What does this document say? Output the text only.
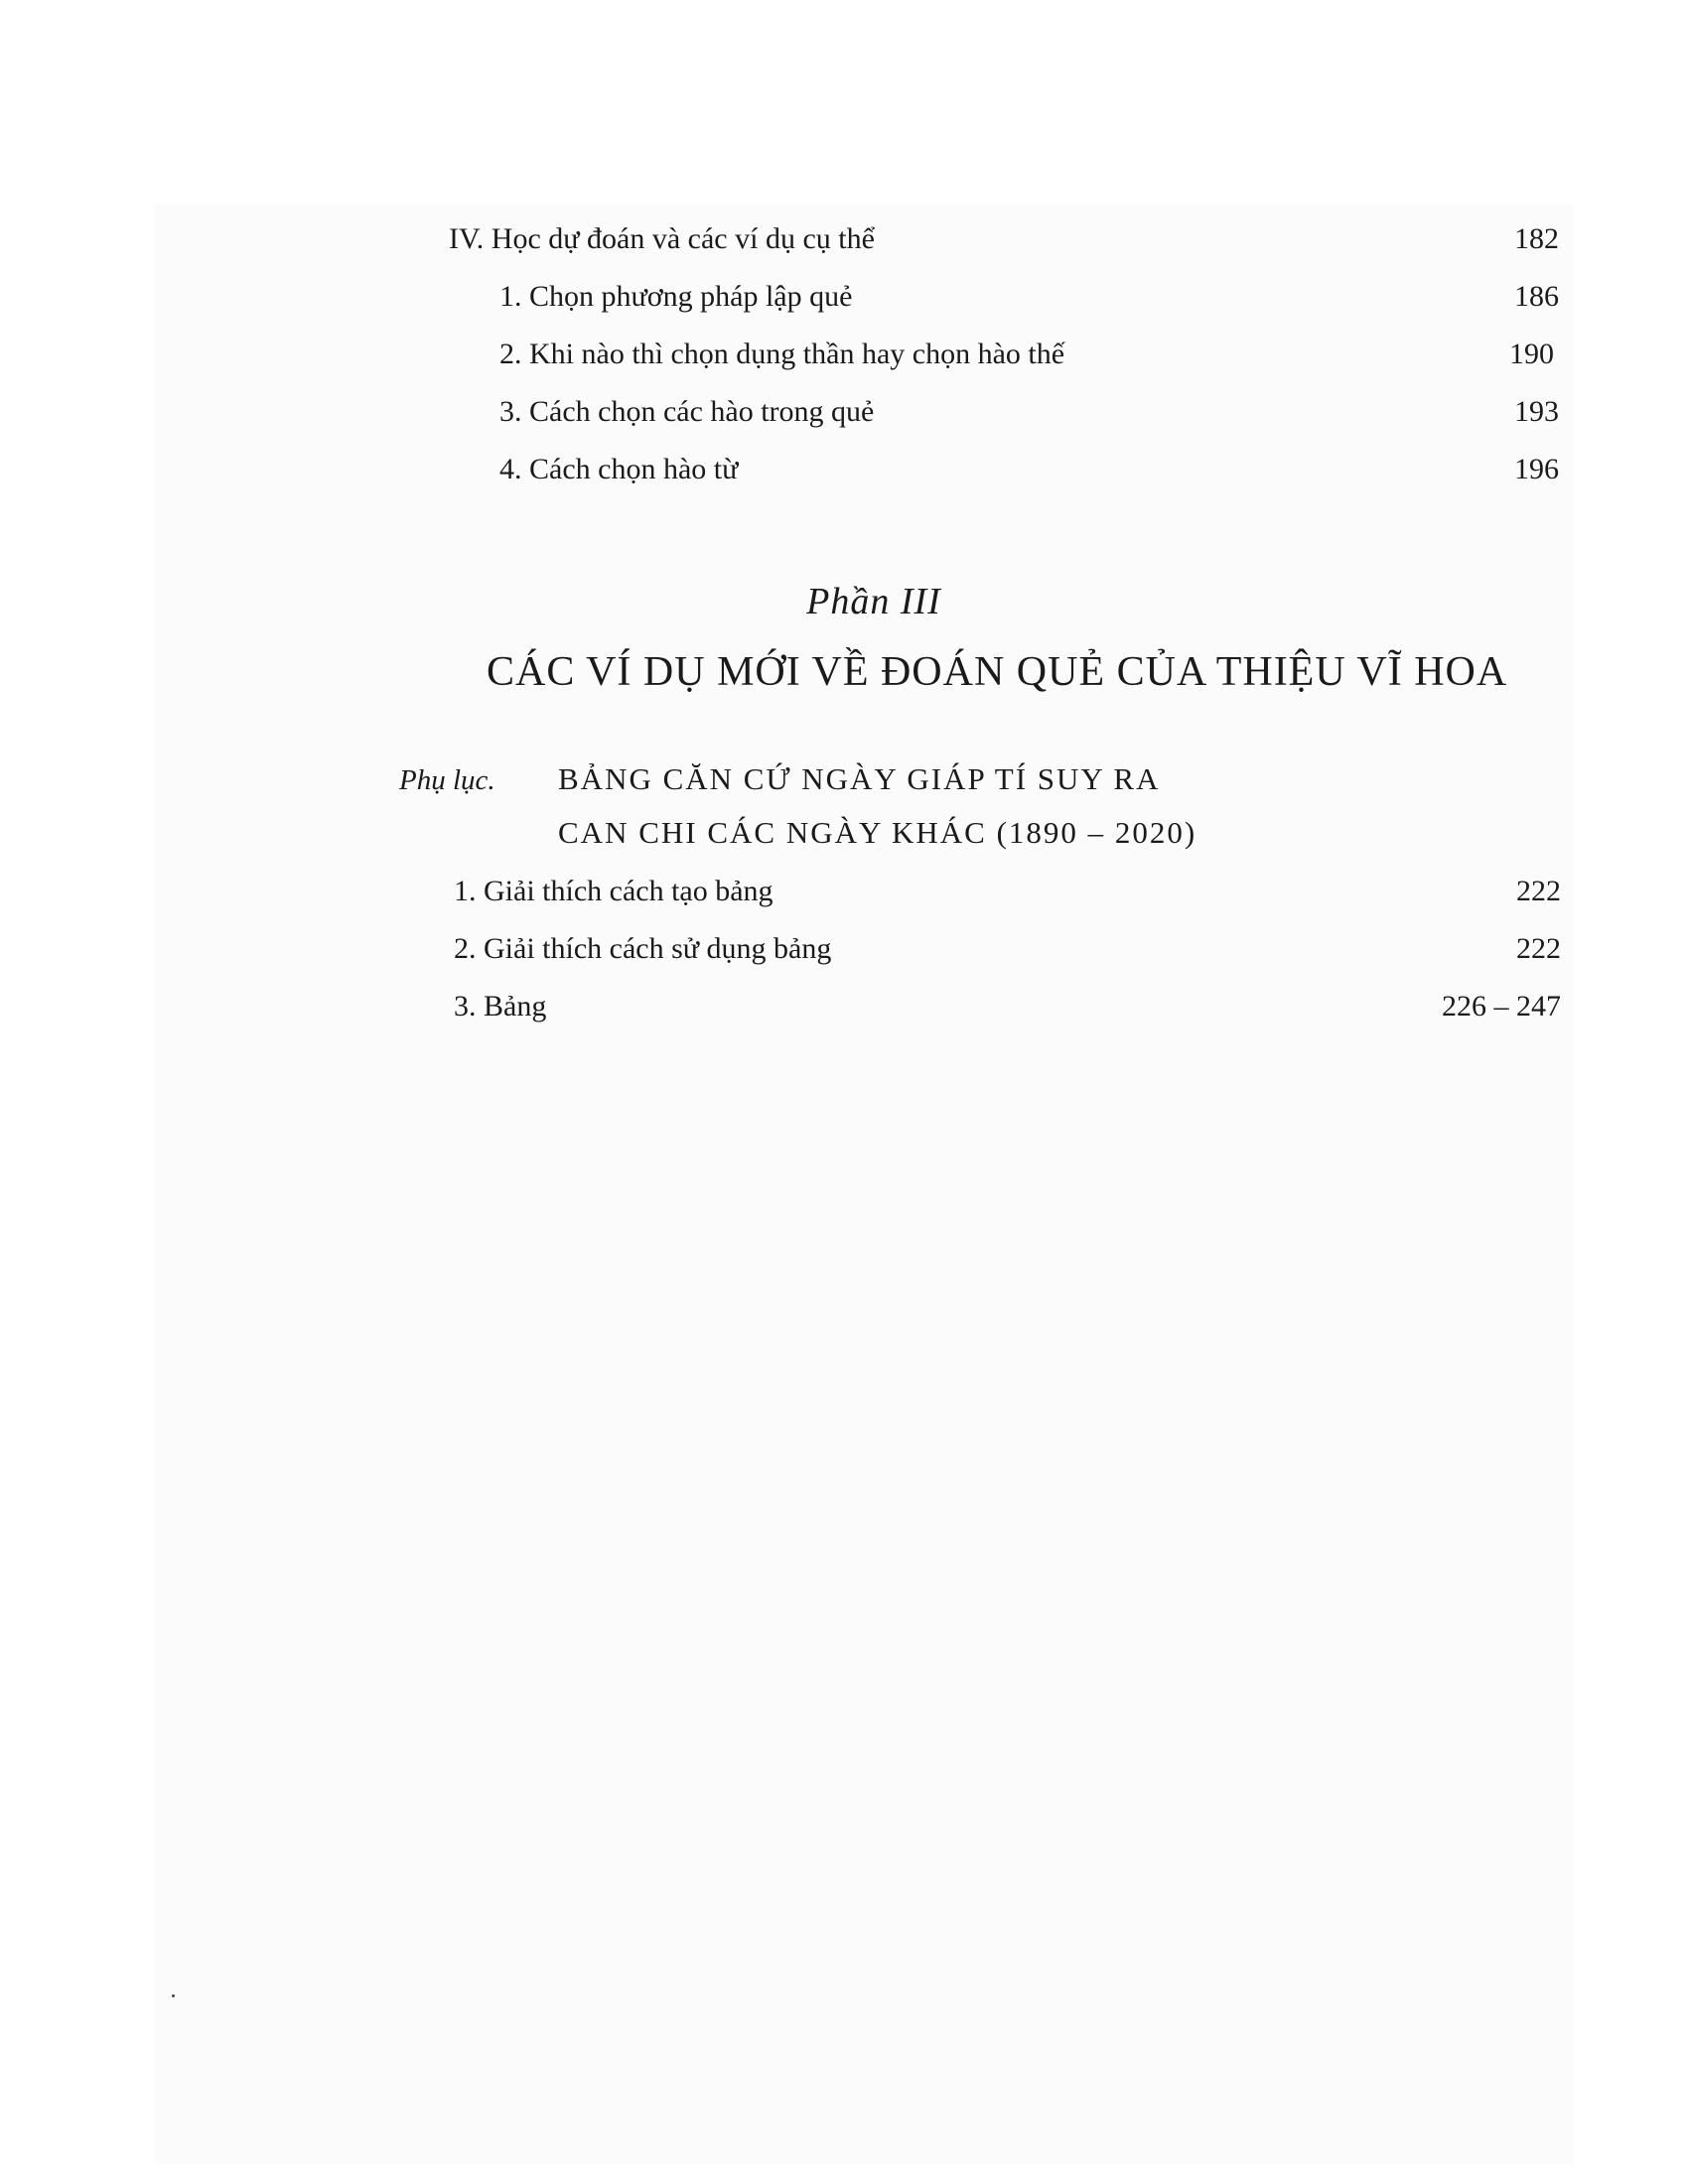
IV. Học dự đoán và các ví dụ cụ thể	182
1. Chọn phương pháp lập quẻ	186
2. Khi nào thì chọn dụng thần hay chọn hào thế	190
3. Cách chọn các hào trong quẻ	193
4. Cách chọn hào từ	196
Phần III
CÁC VÍ DỤ MỚI VỀ ĐOÁN QUẺ CỦA THIỆU VĨ HOA
Phụ lục. BẢNG CĂN CỨ NGÀY GIÁP TÍ SUY RA
CAN CHI CÁC NGÀY KHÁC (1890 – 2020)
1. Giải thích cách tạo bảng	222
2. Giải thích cách sử dụng bảng	222
3. Bảng	226 – 247
